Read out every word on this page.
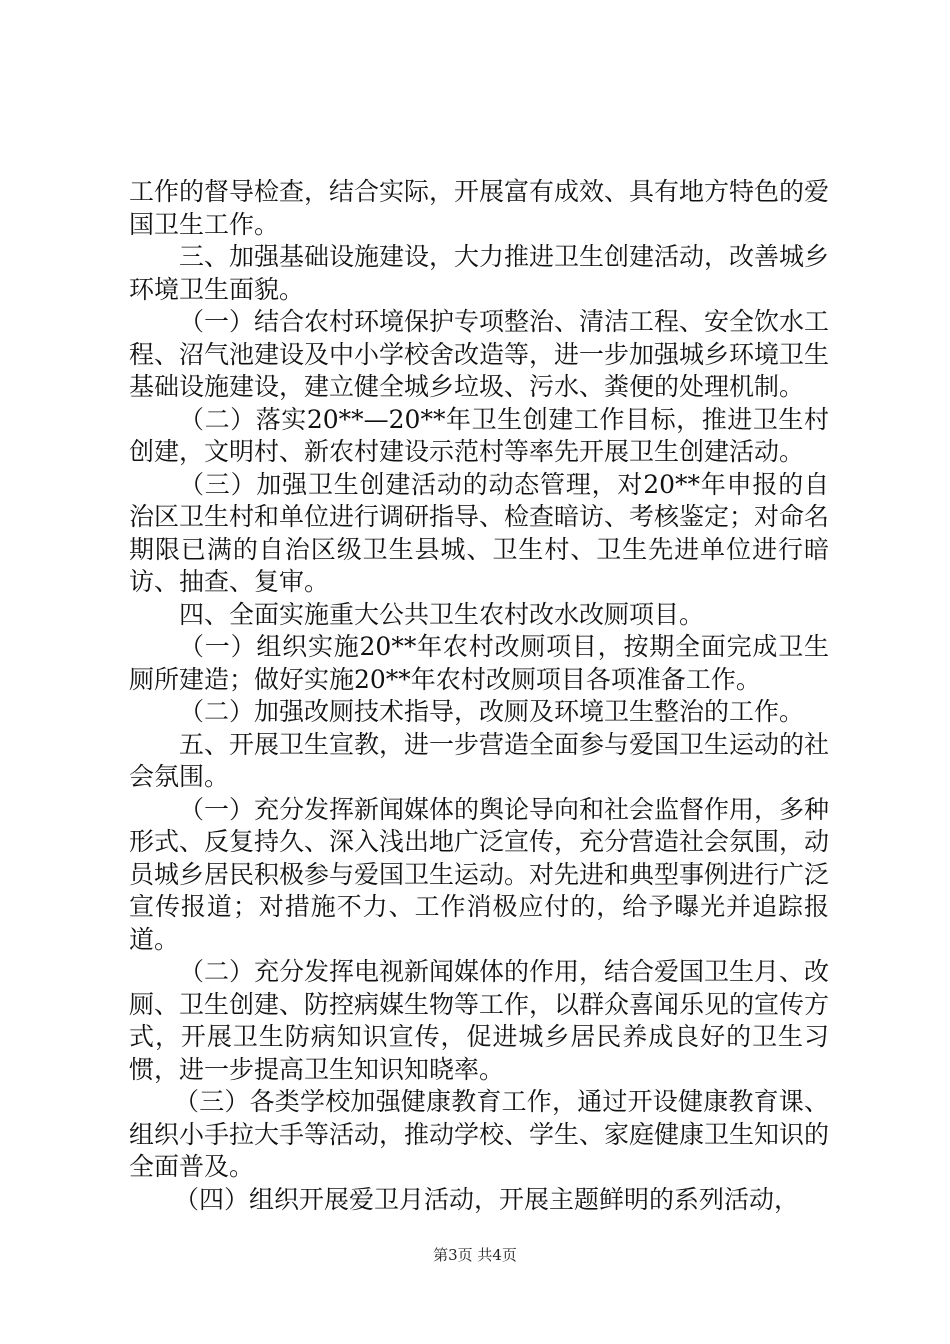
工作的督导检查，结合实际，开展富有成效、具有地方特色的爱国卫生工作。

三、加强基础设施建设，大力推进卫生创建活动，改善城乡环境卫生面貌。

（一）结合农村环境保护专项整治、清洁工程、安全饮水工程、沼气池建设及中小学校舍改造等，进一步加强城乡环境卫生基础设施建设，建立健全城乡垃圾、污水、粪便的处理机制。

（二）落实20**—20**年卫生创建工作目标，推进卫生村创建，文明村、新农村建设示范村等率先开展卫生创建活动。

（三）加强卫生创建活动的动态管理，对20**年申报的自治区卫生村和单位进行调研指导、检查暗访、考核鉴定；对命名期限已满的自治区级卫生县城、卫生村、卫生先进单位进行暗访、抽查、复审。

四、全面实施重大公共卫生农村改水改厕项目。

（一）组织实施20**年农村改厕项目，按期全面完成卫生厕所建造；做好实施20**年农村改厕项目各项准备工作。

（二）加强改厕技术指导，改厕及环境卫生整治的工作。

五、开展卫生宣教，进一步营造全面参与爱国卫生运动的社会氛围。

（一）充分发挥新闻媒体的舆论导向和社会监督作用，多种形式、反复持久、深入浅出地广泛宣传，充分营造社会氛围，动员城乡居民积极参与爱国卫生运动。对先进和典型事例进行广泛宣传报道；对措施不力、工作消极应付的，给予曝光并追踪报道。

（二）充分发挥电视新闻媒体的作用，结合爱国卫生月、改厕、卫生创建、防控病媒生物等工作，以群众喜闻乐见的宣传方式，开展卫生防病知识宣传，促进城乡居民养成良好的卫生习惯，进一步提高卫生知识知晓率。

（三）各类学校加强健康教育工作，通过开设健康教育课、组织小手拉大手等活动，推动学校、学生、家庭健康卫生知识的全面普及。

（四）组织开展爱卫月活动，开展主题鲜明的系列活动，

第3页 共4页
